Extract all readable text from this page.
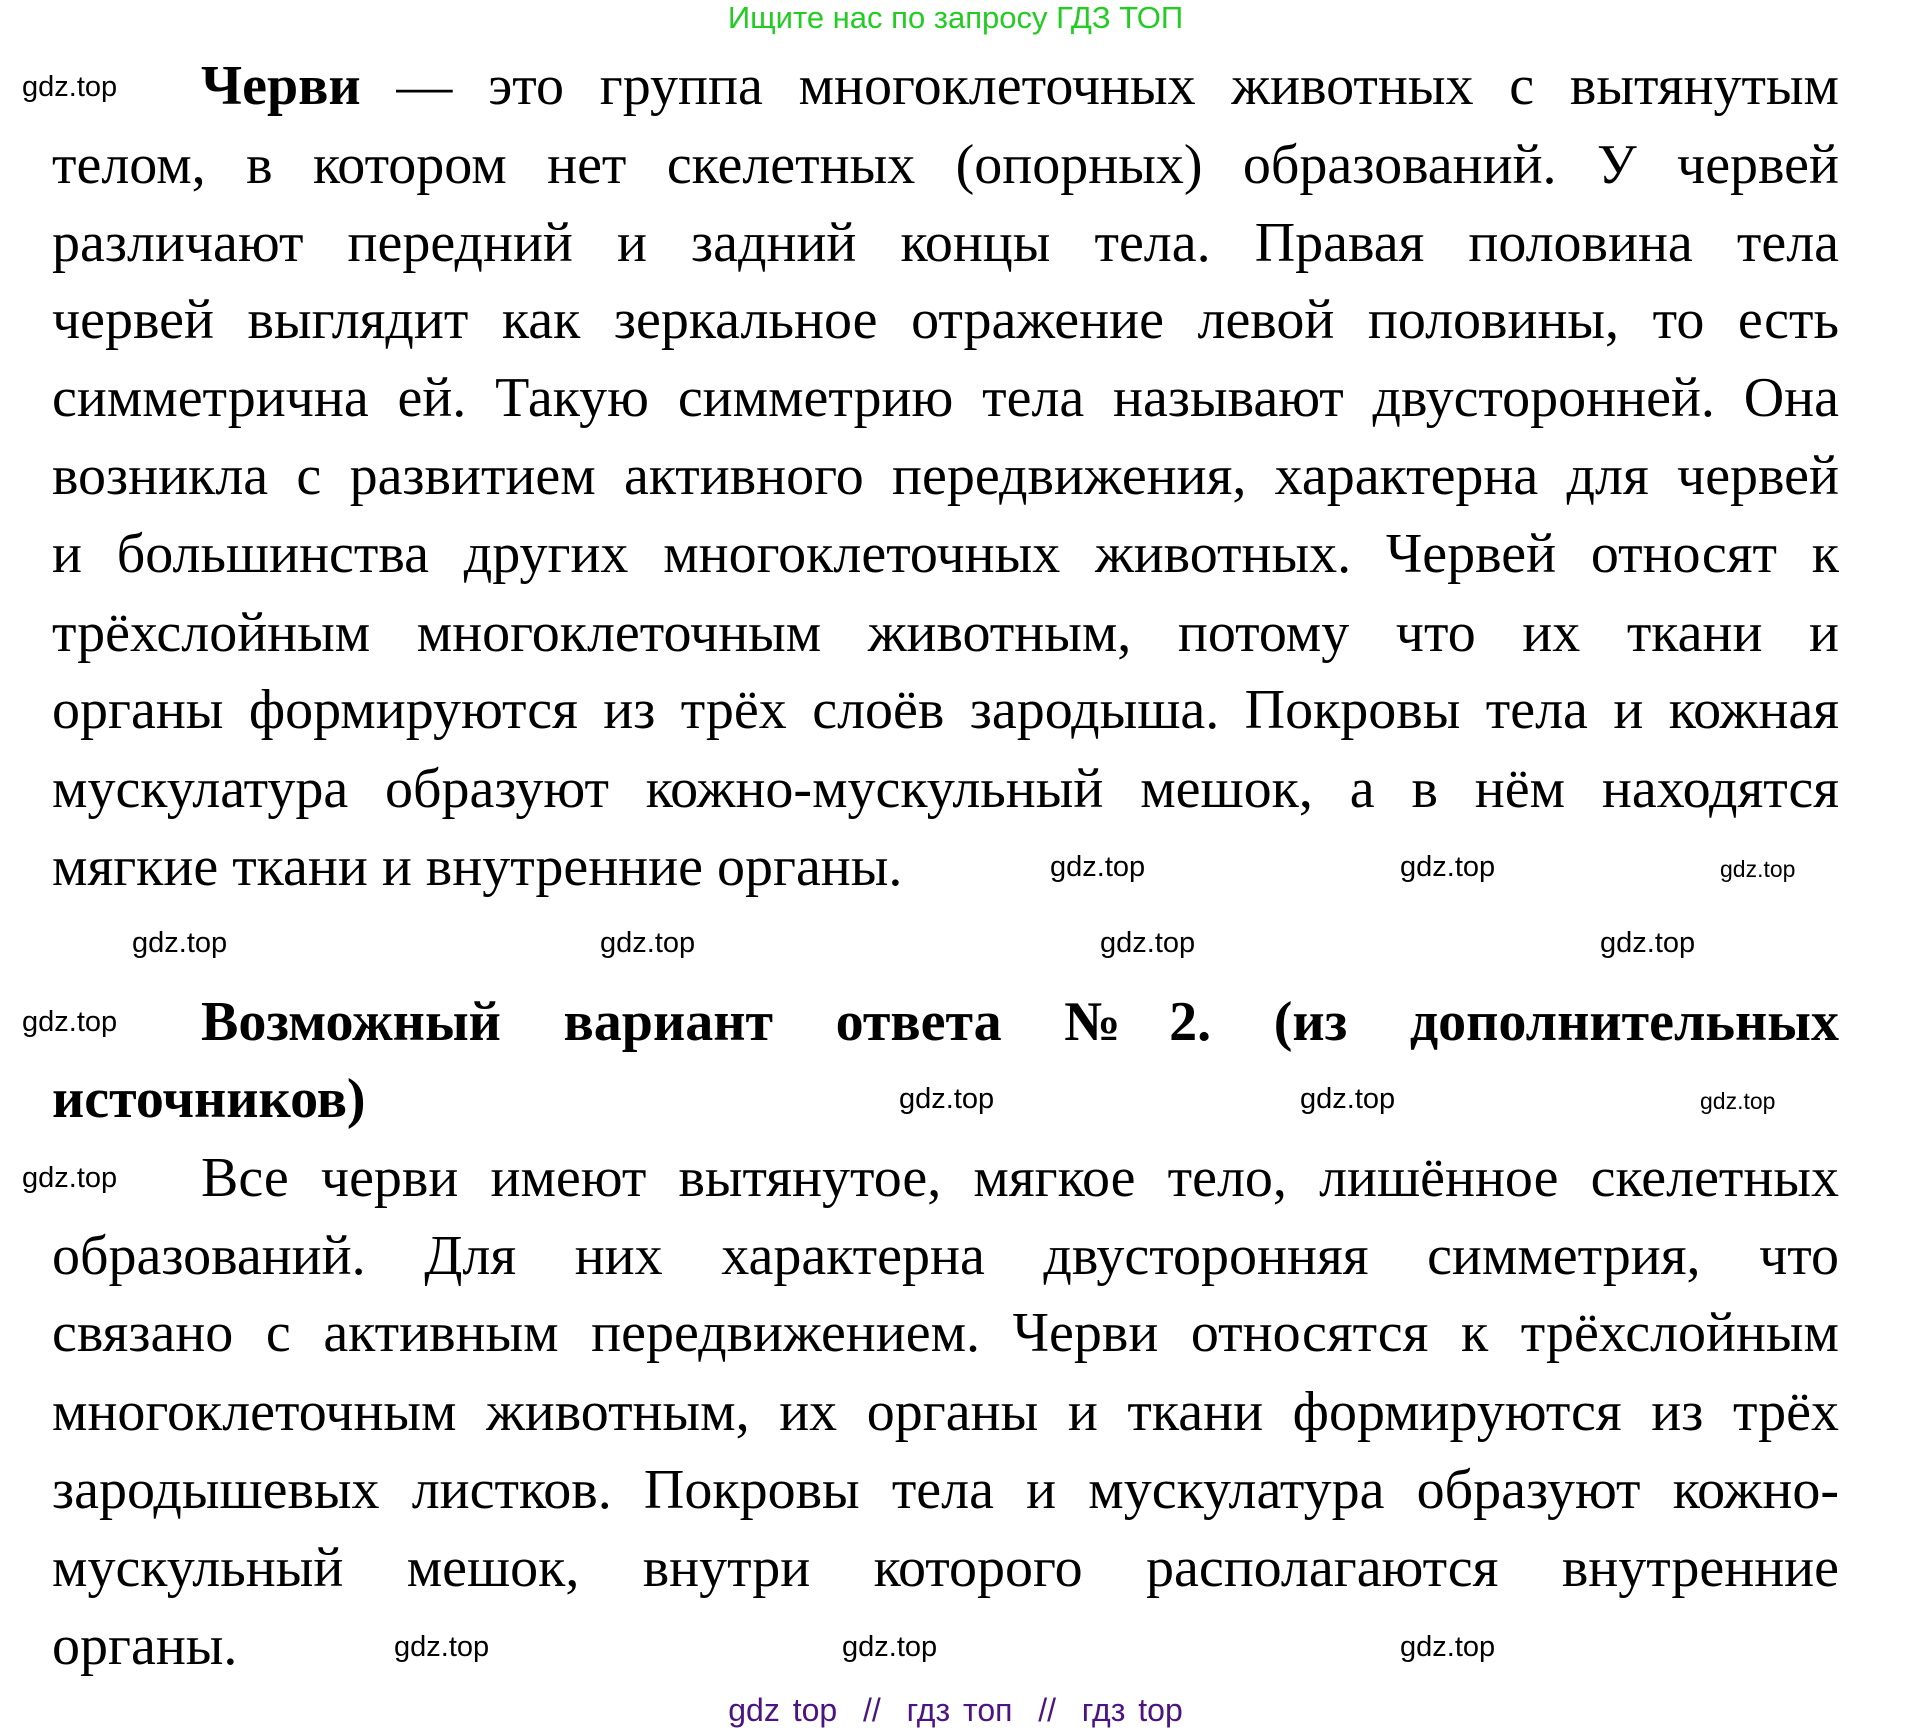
Ищите нас по запросу ГДЗ ТОП
Черви — это группа многоклеточных животных с вытянутым
телом, в котором нет скелетных (опорных) образований. У червей
различают передний и задний концы тела. Правая половина тела
червей выглядит как зеркальное отражение левой половины, то есть
симметрична ей. Такую симметрию тела называют двусторонней. Она
возникла с развитием активного передвижения, характерна для червей
и большинства других многоклеточных животных. Червей относят к
трёхслойным многоклеточным животным, потому что их ткани и
органы формируются из трёх слоёв зародыша. Покровы тела и кожная
мускулатура образуют кожно-мускульный мешок, а в нём находятся
мягкие ткани и внутренние органы.
Возможный вариант ответа №2. (из дополнительных
источников)
Все черви имеют вытянутое, мягкое тело, лишённое скелетных
образований. Для них характерна двусторонняя симметрия, что
связано с активным передвижением. Черви относятся к трёхслойным
многоклеточным животным, их органы и ткани формируются из трёх
зародышевых листков. Покровы тела и мускулатура образуют кожно-
мускульный мешок, внутри которого располагаются внутренние
органы.
gdz.top
gdz.top
gdz.top
gdz.top	gdz.top	gdz.top
gdz.top	gdz.top	gdz.top	gdz.top
gdz.top	gdz.top	gdz.top
gdz.top	gdz.top	gdz.top
gdz top  //  гдз топ  //  гдз top
